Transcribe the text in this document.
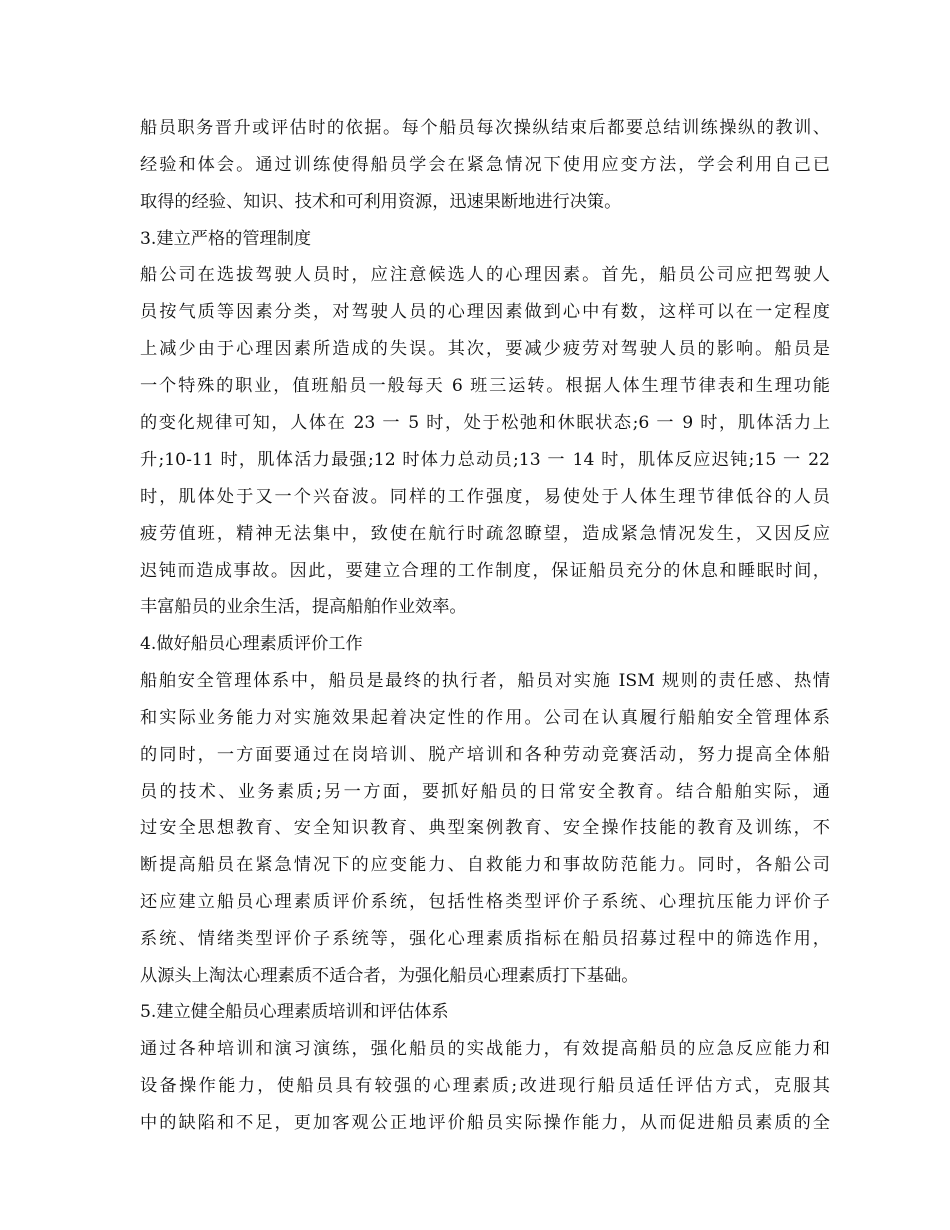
船员职务晋升或评估时的依据。每个船员每次操纵结束后都要总结训练操纵的教训、
经验和体会。通过训练使得船员学会在紧急情况下使用应变方法，学会利用自己已
取得的经验、知识、技术和可利用资源，迅速果断地进行决策。
3.建立严格的管理制度
船公司在选拔驾驶人员时，应注意候选人的心理因素。首先，船员公司应把驾驶人
员按气质等因素分类，对驾驶人员的心理因素做到心中有数，这样可以在一定程度
上减少由于心理因素所造成的失误。其次，要减少疲劳对驾驶人员的影响。船员是
一个特殊的职业，值班船员一般每天 6 班三运转。根据人体生理节律表和生理功能
的变化规律可知，人体在 23 一 5 时，处于松弛和休眠状态;6 一 9 时，肌体活力上
升;10-11 时，肌体活力最强;12 时体力总动员;13 一 14 时，肌体反应迟钝;15 一 22
时，肌体处于又一个兴奋波。同样的工作强度，易使处于人体生理节律低谷的人员
疲劳值班，精神无法集中，致使在航行时疏忽瞭望，造成紧急情况发生，又因反应
迟钝而造成事故。因此，要建立合理的工作制度，保证船员充分的休息和睡眠时间，
丰富船员的业余生活，提高船舶作业效率。
4.做好船员心理素质评价工作
船舶安全管理体系中，船员是最终的执行者，船员对实施 ISM 规则的责任感、热情
和实际业务能力对实施效果起着决定性的作用。公司在认真履行船舶安全管理体系
的同时，一方面要通过在岗培训、脱产培训和各种劳动竞赛活动，努力提高全体船
员的技术、业务素质;另一方面，要抓好船员的日常安全教育。结合船舶实际，通
过安全思想教育、安全知识教育、典型案例教育、安全操作技能的教育及训练，不
断提高船员在紧急情况下的应变能力、自救能力和事故防范能力。同时，各船公司
还应建立船员心理素质评价系统，包括性格类型评价子系统、心理抗压能力评价子
系统、情绪类型评价子系统等，强化心理素质指标在船员招募过程中的筛选作用，
从源头上淘汰心理素质不适合者，为强化船员心理素质打下基础。
5.建立健全船员心理素质培训和评估体系
通过各种培训和演习演练，强化船员的实战能力，有效提高船员的应急反应能力和
设备操作能力，使船员具有较强的心理素质;改进现行船员适任评估方式，克服其
中的缺陷和不足，更加客观公正地评价船员实际操作能力，从而促进船员素质的全
